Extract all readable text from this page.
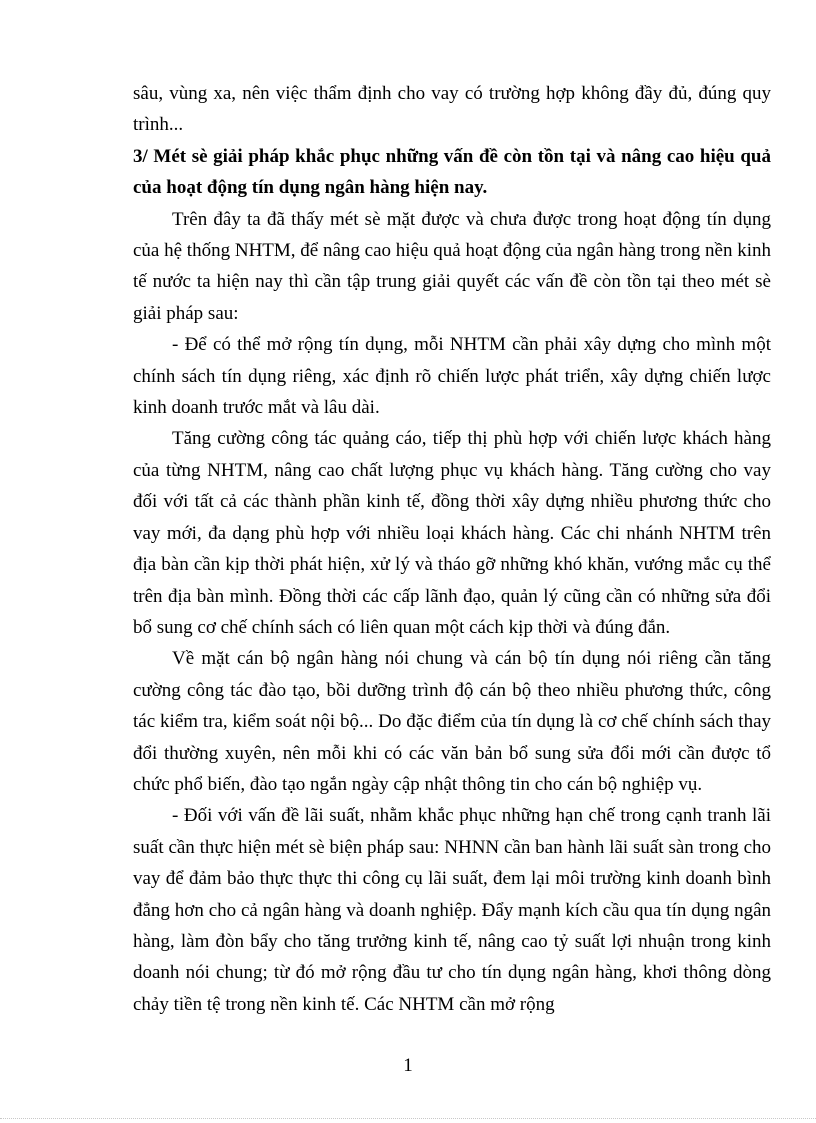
sâu, vùng xa, nên việc thẩm định cho vay có trường hợp không đầy đủ, đúng quy trình...

3/ Mét sè giải pháp khắc phục những vấn đề còn tồn tại và nâng cao hiệu quả của hoạt động tín dụng ngân hàng hiện nay.

Trên đây ta đã thấy mét sè mặt được và chưa được trong hoạt động tín dụng của hệ thống NHTM, để nâng cao hiệu quả hoạt động của ngân hàng trong nền kinh tế nước ta hiện nay thì cần tập trung giải quyết các vấn đề còn tồn tại theo mét sè giải pháp sau:

- Để có thể mở rộng tín dụng, mỗi NHTM cần phải xây dựng cho mình một chính sách tín dụng riêng, xác định rõ chiến lược phát triển, xây dựng chiến lược kinh doanh trước mắt và lâu dài.

Tăng cường công tác quảng cáo, tiếp thị phù hợp với chiến lược khách hàng của từng NHTM, nâng cao chất lượng phục vụ khách hàng. Tăng cường cho vay đối với tất cả các thành phần kinh tế, đồng thời xây dựng nhiều phương thức cho vay mới, đa dạng phù hợp với nhiều loại khách hàng. Các chi nhánh NHTM trên địa bàn cần kịp thời phát hiện, xử lý và tháo gỡ những khó khăn, vướng mắc cụ thể trên địa bàn mình. Đồng thời các cấp lãnh đạo, quản lý cũng cần có những sửa đổi bổ sung cơ chế chính sách có liên quan một cách kịp thời và đúng đắn.

Về mặt cán bộ ngân hàng nói chung và cán bộ tín dụng nói riêng cần tăng cường công tác đào tạo, bồi dưỡng trình độ cán bộ theo nhiều phương thức, công tác kiểm tra, kiểm soát nội bộ... Do đặc điểm của tín dụng là cơ chế chính sách thay đổi thường xuyên, nên mỗi khi có các văn bản bổ sung sửa đổi mới cần được tổ chức phổ biến, đào tạo ngắn ngày cập nhật thông tin cho cán bộ nghiệp vụ.

- Đối với vấn đề lãi suất, nhằm khắc phục những hạn chế trong cạnh tranh lãi suất cần thực hiện mét sè biện pháp sau: NHNN cần ban hành lãi suất sàn trong cho vay để đảm bảo thực thực thi công cụ lãi suất, đem lại môi trường kinh doanh bình đẳng hơn cho cả ngân hàng và doanh nghiệp. Đẩy mạnh kích cầu qua tín dụng ngân hàng, làm đòn bẩy cho tăng trưởng kinh tế, nâng cao tỷ suất lợi nhuận trong kinh doanh nói chung; từ đó mở rộng đầu tư cho tín dụng ngân hàng, khơi thông dòng chảy tiền tệ trong nền kinh tế. Các NHTM cần mở rộng

1
